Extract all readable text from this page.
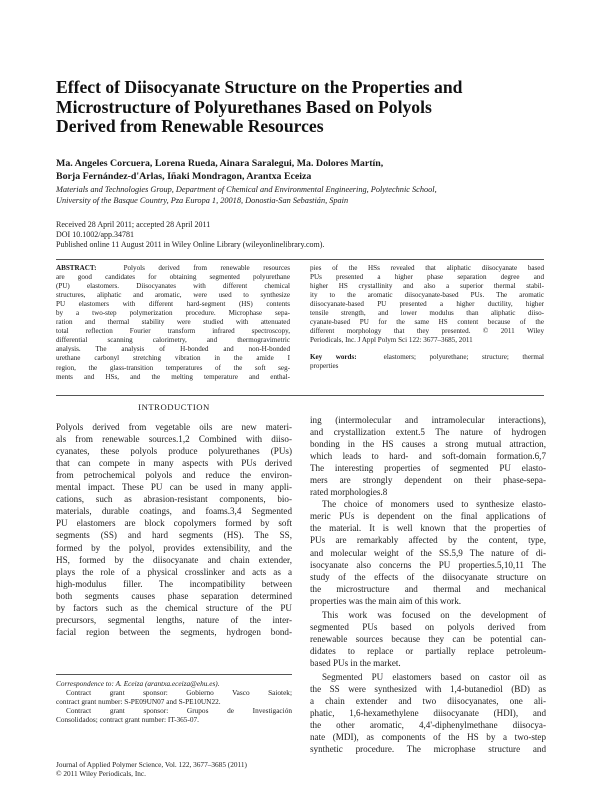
Effect of Diisocyanate Structure on the Properties and
Microstructure of Polyurethanes Based on Polyols
Derived from Renewable Resources
Ma. Angeles Corcuera, Lorena Rueda, Ainara Saralegui, Ma. Dolores Martín,
Borja Fernández-d'Arlas, Iñaki Mondragon, Arantxa Eceiza
Materials and Technologies Group, Department of Chemical and Environmental Engineering, Polytechnic School,
University of the Basque Country, Pza Europa 1, 20018, Donostia-San Sebastián, Spain
Received 28 April 2011; accepted 28 April 2011
DOI 10.1002/app.34781
Published online 11 August 2011 in Wiley Online Library (wileyonlinelibrary.com).
ABSTRACT:	Polyols derived from renewable resources
are good candidates for obtaining segmented polyurethane
(PU) elastomers. Diisocyanates with different chemical
structures, aliphatic and aromatic, were used to synthesize
PU elastomers with different hard-segment (HS) contents
by a two-step polymerization procedure. Microphase sepa-
ration and thermal stability were studied with attenuated
total reflection Fourier transform infrared spectroscopy,
differential scanning calorimetry, and thermogravimetric
analysis. The analysis of H-bonded and non-H-bonded
urethane carbonyl stretching vibration in the amide I
region, the glass-transition temperatures of the soft seg-
ments and HSs, and the melting temperature and enthal-
pies of the HSs revealed that aliphatic diisocyanate based
PUs presented a higher phase separation degree and
higher HS crystallinity and also a superior thermal stabil-
ity to the aromatic diisocyanate-based PUs. The aromatic
diisocyanate-based PU presented a higher ductility, higher
tensile strength, and lower modulus than aliphatic diiso-
cyanate-based PU for the same HS content because of the
different morphology that they presented. © 2011 Wiley
Periodicals, Inc. J Appl Polym Sci 122: 3677–3685, 2011
Key words:	elastomers; polyurethane; structure; thermal
properties
INTRODUCTION
Polyols derived from vegetable oils are new materi-
als from renewable sources.1,2 Combined with diiso-
cyanates, these polyols produce polyurethanes (PUs)
that can compete in many aspects with PUs derived
from petrochemical polyols and reduce the environ-
mental impact. These PU can be used in many appli-
cations, such as abrasion-resistant components, bio-
materials, durable coatings, and foams.3,4 Segmented
PU elastomers are block copolymers formed by soft
segments (SS) and hard segments (HS). The SS,
formed by the polyol, provides extensibility, and the
HS, formed by the diisocyanate and chain extender,
plays the role of a physical crosslinker and acts as a
high-modulus filler. The incompatibility between
both segments causes phase separation determined
by factors such as the chemical structure of the PU
precursors, segmental lengths, nature of the inter-
facial region between the segments, hydrogen bond-
Correspondence to: A. Eceiza (arantxa.eceiza@ehu.es).
Contract grant sponsor: Gobierno Vasco Saiotek;
contract grant number: S-PE09UN07 and S-PE10UN22.
Contract grant sponsor: Grupos de Investigación
Consolidados; contract grant number: IT-365-07.
Journal of Applied Polymer Science, Vol. 122, 3677–3685 (2011)
© 2011 Wiley Periodicals, Inc.
ing (intermolecular and intramolecular interactions),
and crystallization extent.5 The nature of hydrogen
bonding in the HS causes a strong mutual attraction,
which leads to hard- and soft-domain formation.6,7
The interesting properties of segmented PU elasto-
mers are strongly dependent on their phase-sepa-
rated morphologies.8
The choice of monomers used to synthesize elasto-
meric PUs is dependent on the final applications of
the material. It is well known that the properties of
PUs are remarkably affected by the content, type,
and molecular weight of the SS.5,9 The nature of di-
isocyanate also concerns the PU properties.5,10,11 The
study of the effects of the diisocyanate structure on
the microstructure and thermal and mechanical
properties was the main aim of this work.
This work was focused on the development of
segmented PUs based on polyols derived from
renewable sources because they can be potential can-
didates to replace or partially replace petroleum-
based PUs in the market.
Segmented PU elastomers based on castor oil as
the SS were synthesized with 1,4-butanediol (BD) as
a chain extender and two diisocyanates, one ali-
phatic, 1,6-hexamethylene diisocyanate (HDI), and
the other aromatic, 4,4'-diphenylmethane diisocya-
nate (MDI), as components of the HS by a two-step
synthetic procedure. The microphase structure and
